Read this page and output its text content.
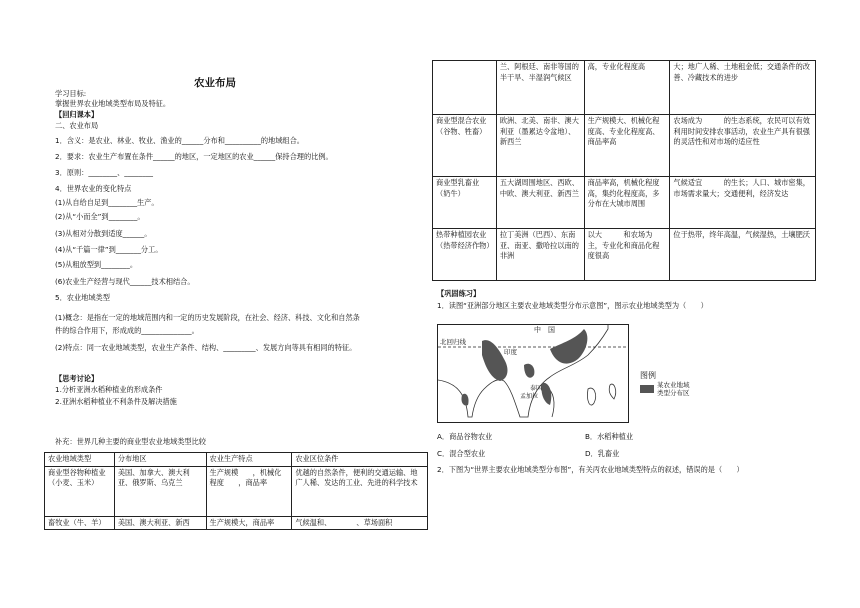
农业布局
学习目标:
掌握世界农业地域类型布局及特征。
【回归课本】
二、农业布局
1．含义：是农业、林业、牧业、渔业的______分布和__________的地域组合。
2．要求：农业生产布置在条件______的地区，一定地区的农业______保持合理的比例。
3．原则：________、________
4．世界农业的变化特点
(1)从自给自足到________生产。
(2)从“小而全”到________。
(3)从相对分散到适度______。
(4)从“千篇一律”到_______分工。
(5)从粗放型到________。
(6)农业生产经营与现代______技术相结合。
5．农业地域类型
(1)概念：是指在一定的地域范围内和一定的历史发展阶段，在社会、经济、科技、文化和自然条
件的综合作用下，形成成的______________。
(2)特点：同一农业地域类型，农业生产条件、结构、_________、发展方向等具有相同的特征。
【思考讨论】
1.分析亚洲水稻种植业的形成条件
2.亚洲水稻种植业不利条件及解决措施
补充：世界几种主要的商业型农业地域类型比较
农业地域类型	分布地区	农业生产特点	农业区位条件
商业型谷物种植业（小麦、玉米）	美国、加拿大、澳大利亚、俄罗斯、乌克兰	生产规模　　，机械化程度　　，商品率	优越的自然条件，便利的交通运输、地广人稀、发达的工业、先进的科学技术
畜牧业（牛、羊）	美国、澳大利亚、新西	生产规模大，商品率	气候温和、　　　　、草场面积
	兰、阿根廷、南非等国的半干旱、半湿润气候区	高，专业化程度高	大；地广人稀、土地租金低；交通条件的改善、冷藏技术的进步
商业型混合农业（谷物、牲畜）	欧洲、北美、南非、澳大利亚（墨累达令盆地）、新西兰	生产规模大、机械化程度高、专业化程度高、商品率高	农场成为　　　的生态系统，农民可以有效利用时间安排农事活动，农业生产具有很强的灵活性和对市场的适应性
商业型乳畜业（奶牛）	五大湖周围地区、西欧、中欧、澳大利亚、新西兰	商品率高，机械化程度高，集约化程度高，多分布在大城市周围	气候适宜　　　的生长；人口、城市密集，市场需求量大；交通便利，经济发达
热带种植园农业（热带经济作物）	拉丁美洲（巴西）、东南亚、南亚、撒哈拉以南的非洲	以大　　　和农场为主，专业化和商品化程度很高	位于热带，终年高温，气候湿热，土壤肥沃
【巩固练习】
1．读图“亚洲部分地区主要农业地域类型分布示意图”，图示农业地域类型为（　　）
中　国
北回归线
印度
泰国
孟加拉
图例
某农业地域
类型分布区
A．商品谷物农业	B．水稻种植业
C．混合型农业	D．乳畜业
2．下图为“世界主要农业地域类型分布图”，有关丙农业地域类型特点的叙述，错误的是（　　）
